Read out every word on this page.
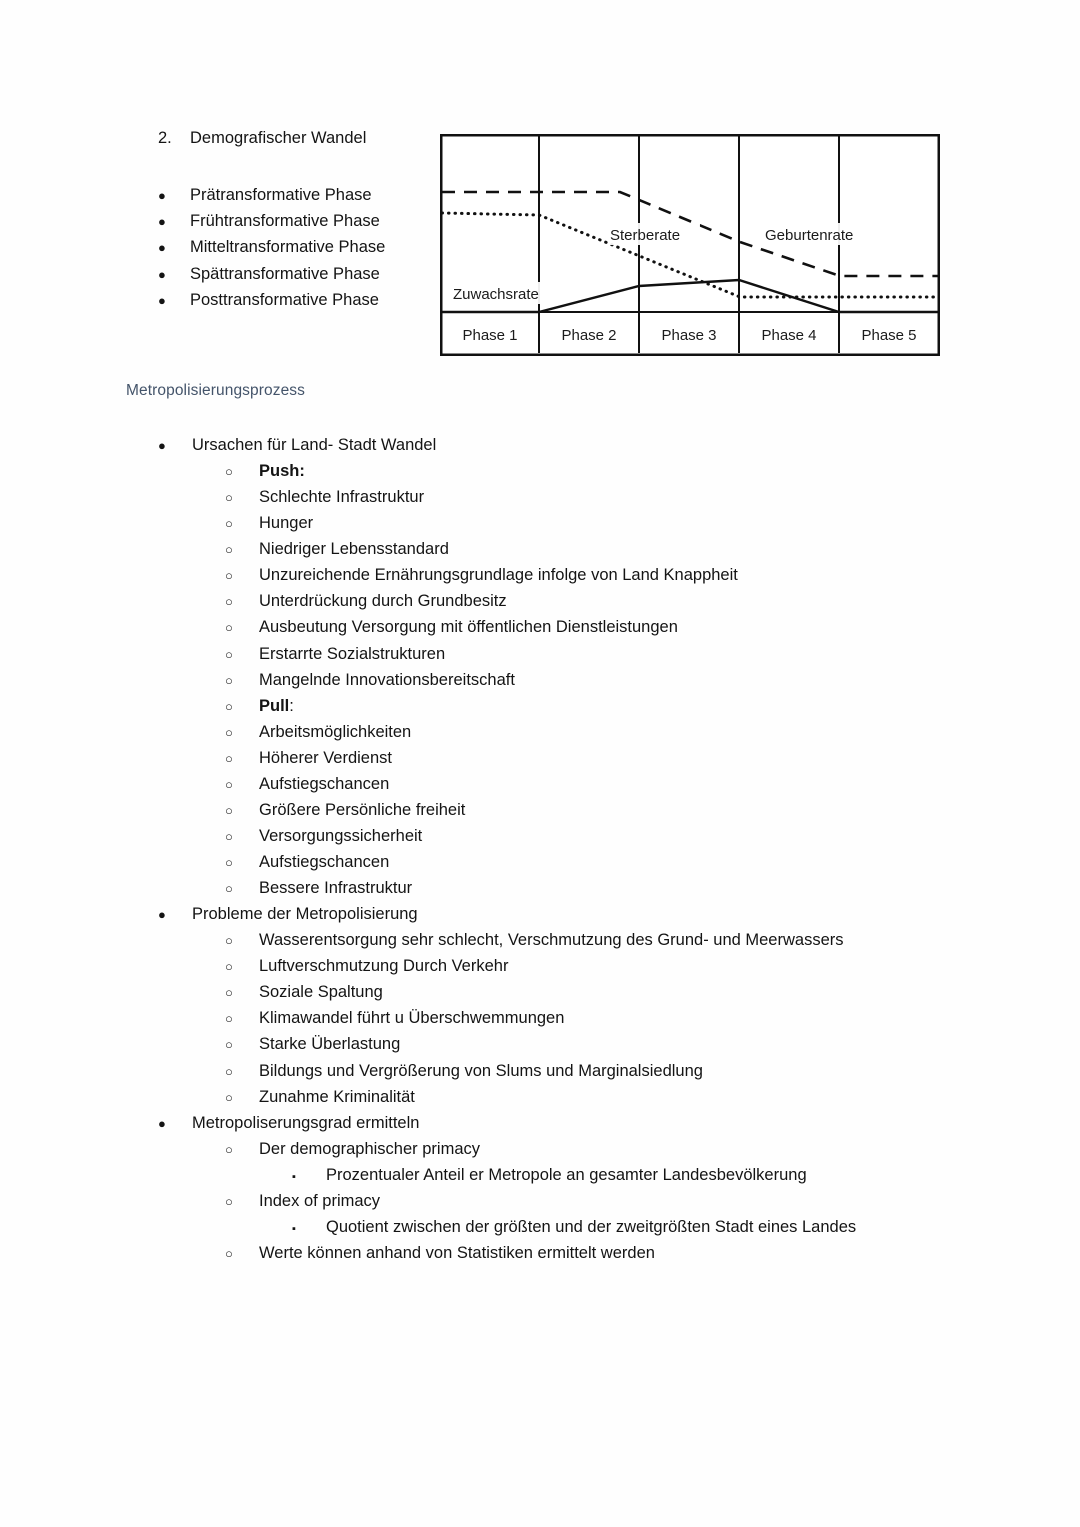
2.	Demografischer Wandel
●	Prätransformative Phase
●	Frühtransformative Phase
●	Mitteltransformative Phase
●	Spättransformative Phase
●	Posttransformative Phase	Zuwachsrate
Sterberate	Geburtenrate
Phase 1	Phase 2	Phase 3	Phase 4	Phase 5
Metropolisierungsprozess
●	Ursachen für Land- Stadt Wandel
○	Push:
○	Schlechte Infrastruktur
○	Hunger
○	Niedriger Lebensstandard
○	Unzureichende Ernährungsgrundlage infolge von Land Knappheit
○	Unterdrückung durch Grundbesitz
○	Ausbeutung Versorgung mit öffentlichen Dienstleistungen
○	Erstarrte Sozialstrukturen
○	Mangelnde Innovationsbereitschaft
○	Pull:
○	Arbeitsmöglichkeiten
○	Höherer Verdienst
○	Aufstiegschancen
○	Größere Persönliche freiheit
○	Versorgungssicherheit
○	Aufstiegschancen
○	Bessere Infrastruktur
●	Probleme der Metropolisierung
○	Wasserentsorgung sehr schlecht, Verschmutzung des Grund- und Meerwassers
○	Luftverschmutzung Durch Verkehr
○	Soziale Spaltung
○	Klimawandel führt u Überschwemmungen
○	Starke Überlastung
○	Bildungs und Vergrößerung von Slums und Marginalsiedlung
○	Zunahme Kriminalität
●	Metropoliserungsgrad ermitteln
○	Der demographischer primacy
▪	Prozentualer Anteil er Metropole an gesamter Landesbevölkerung
○	Index of primacy
▪	Quotient zwischen der größten und der zweitgrößten Stadt eines Landes
○	Werte können anhand von Statistiken ermittelt werden
